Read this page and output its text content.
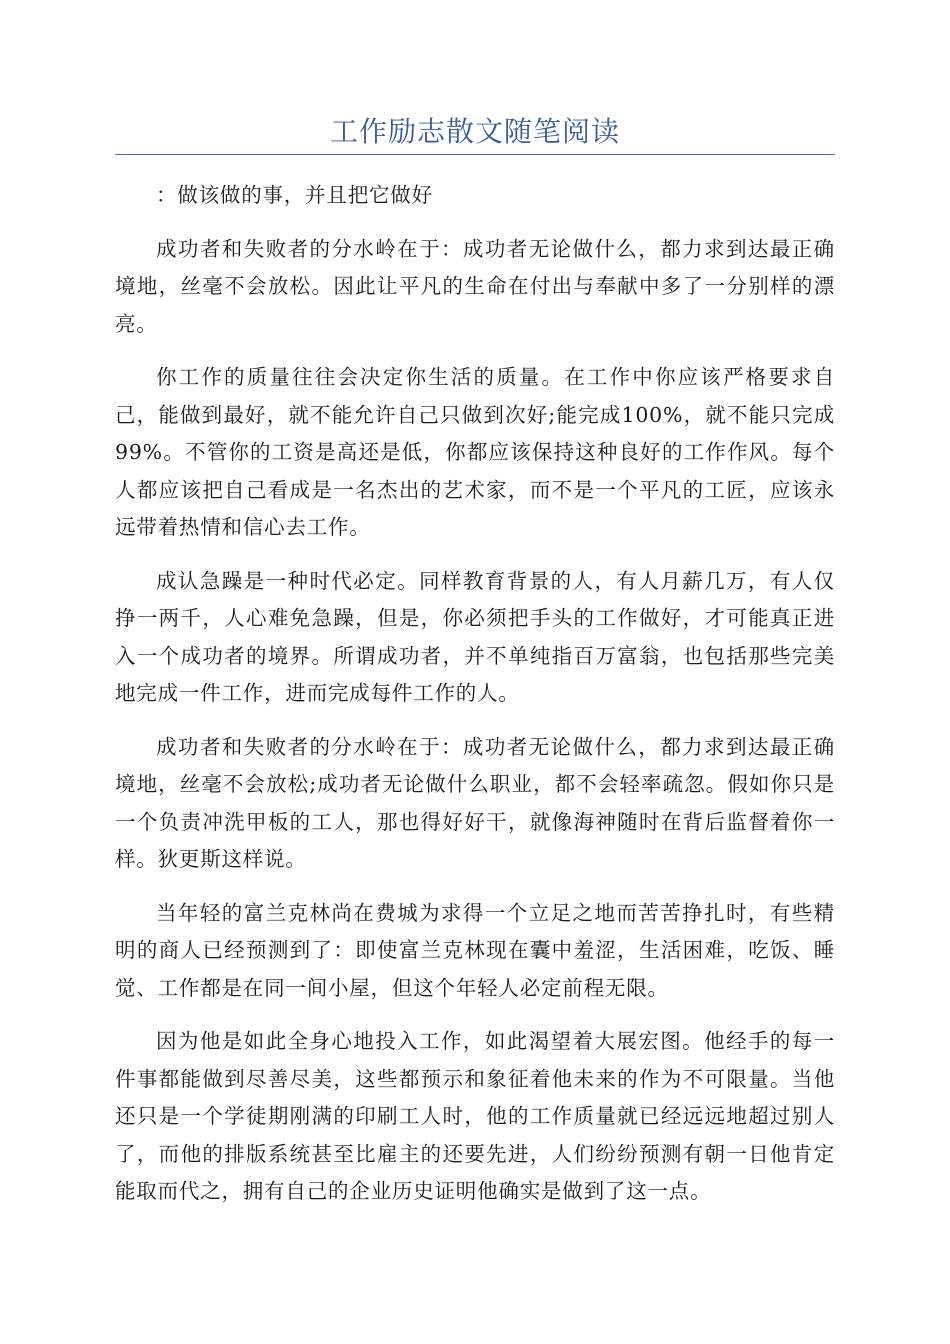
工作励志散文随笔阅读

：做该做的事，并且把它做好

成功者和失败者的分水岭在于：成功者无论做什么，都力求到达最正确境地，丝毫不会放松。因此让平凡的生命在付出与奉献中多了一分别样的漂亮。

你工作的质量往往会决定你生活的质量。在工作中你应该严格要求自己，能做到最好，就不能允许自己只做到次好;能完成100%，就不能只完成99%。不管你的工资是高还是低，你都应该保持这种良好的工作作风。每个人都应该把自己看成是一名杰出的艺术家，而不是一个平凡的工匠，应该永远带着热情和信心去工作。

成认急躁是一种时代必定。同样教育背景的人，有人月薪几万，有人仅挣一两千，人心难免急躁，但是，你必须把手头的工作做好，才可能真正进入一个成功者的境界。所谓成功者，并不单纯指百万富翁，也包括那些完美地完成一件工作，进而完成每件工作的人。

成功者和失败者的分水岭在于：成功者无论做什么，都力求到达最正确境地，丝毫不会放松;成功者无论做什么职业，都不会轻率疏忽。假如你只是一个负责冲洗甲板的工人，那也得好好干，就像海神随时在背后监督着你一样。狄更斯这样说。

当年轻的富兰克林尚在费城为求得一个立足之地而苦苦挣扎时，有些精明的商人已经预测到了：即使富兰克林现在囊中羞涩，生活困难，吃饭、睡觉、工作都是在同一间小屋，但这个年轻人必定前程无限。

因为他是如此全身心地投入工作，如此渴望着大展宏图。他经手的每一件事都能做到尽善尽美，这些都预示和象征着他未来的作为不可限量。当他还只是一个学徒期刚满的印刷工人时，他的工作质量就已经远远地超过别人了，而他的排版系统甚至比雇主的还要先进，人们纷纷预测有朝一日他肯定能取而代之，拥有自己的企业历史证明他确实是做到了这一点。
